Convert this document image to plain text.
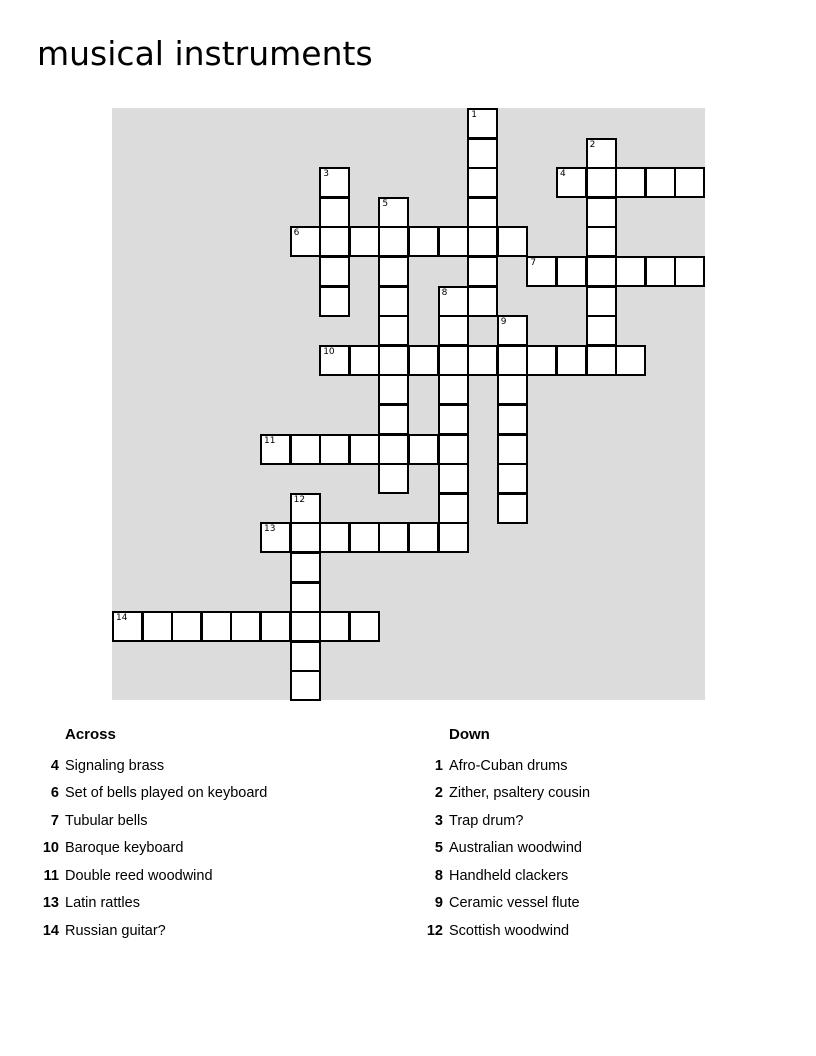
musical instruments
1
2
3	4
5
6
7
8
9
10
11
12
13
14
Across
4 Signaling brass
6 Set of bells played on keyboard
7 Tubular bells
10 Baroque keyboard
11 Double reed woodwind
13 Latin rattles
14 Russian guitar?
Down
1 Afro-Cuban drums
2 Zither, psaltery cousin
3 Trap drum?
5 Australian woodwind
8 Handheld clackers
9 Ceramic vessel flute
12 Scottish woodwind
